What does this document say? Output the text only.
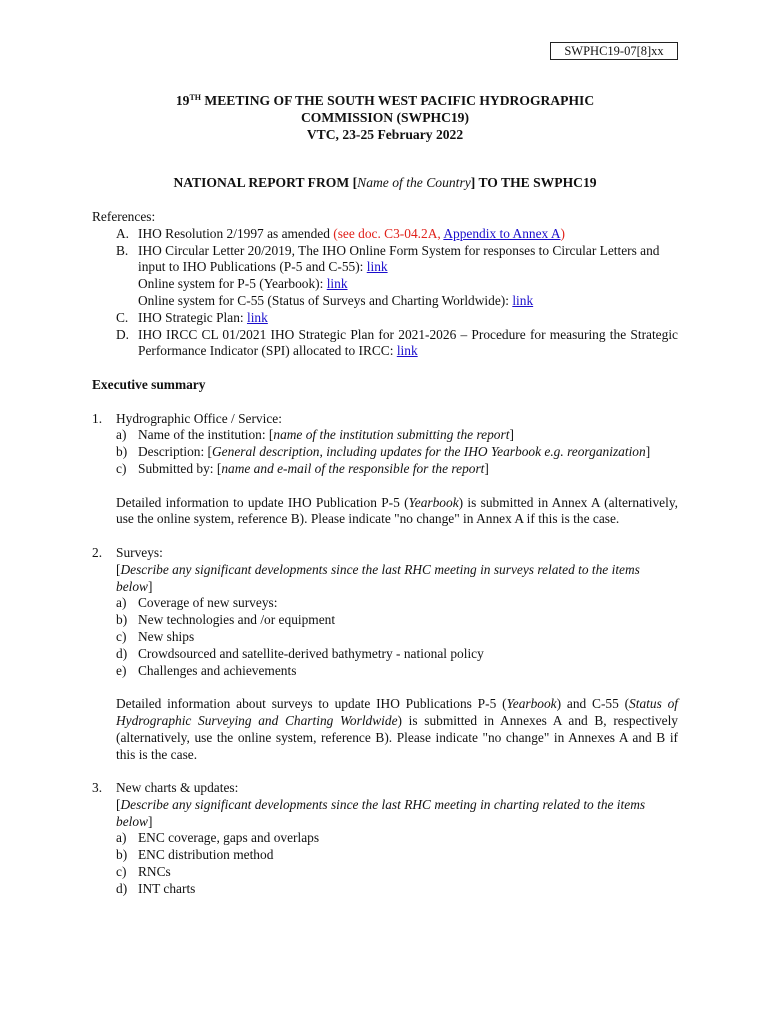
SWPHC19-07[8]xx
19TH MEETING OF THE SOUTH WEST PACIFIC HYDROGRAPHIC
COMMISSION (SWPHC19)
VTC, 23-25 February 2022
NATIONAL REPORT FROM [Name of the Country] TO THE SWPHC19

References:

A. IHO Resolution 2/1997 as amended (see doc. C3-04.2A, Appendix to Annex A)
B. IHO Circular Letter 20/2019, The IHO Online Form System for responses to Circular Letters and input to IHO Publications (P-5 and C-55): link
Online system for P-5 (Yearbook): link
Online system for C-55 (Status of Surveys and Charting Worldwide): link
C. IHO Strategic Plan: link
D. IHO IRCC CL 01/2021 IHO Strategic Plan for 2021-2026 – Procedure for measuring the Strategic Performance Indicator (SPI) allocated to IRCC: link

Executive summary

1. Hydrographic Office / Service:
a) Name of the institution: [name of the institution submitting the report]
b) Description: [General description, including updates for the IHO Yearbook e.g. reorganization]
c) Submitted by: [name and e-mail of the responsible for the report]

Detailed information to update IHO Publication P-5 (Yearbook) is submitted in Annex A (alternatively, use the online system, reference B). Please indicate "no change" in Annex A if this is the case.

2. Surveys:

[Describe any significant developments since the last RHC meeting in surveys related to the items below]

a) Coverage of new surveys:
b) New technologies and /or equipment
c) New ships
d) Crowdsourced and satellite-derived bathymetry - national policy
e) Challenges and achievements

Detailed information about surveys to update IHO Publications P-5 (Yearbook) and C-55 (Status of Hydrographic Surveying and Charting Worldwide) is submitted in Annexes A and B, respectively (alternatively, use the online system, reference B). Please indicate "no change" in Annexes A and B if this is the case.

3. New charts & updates:

[Describe any significant developments since the last RHC meeting in charting related to the items below]

a) ENC coverage, gaps and overlaps
b) ENC distribution method
c) RNCs
d) INT charts
